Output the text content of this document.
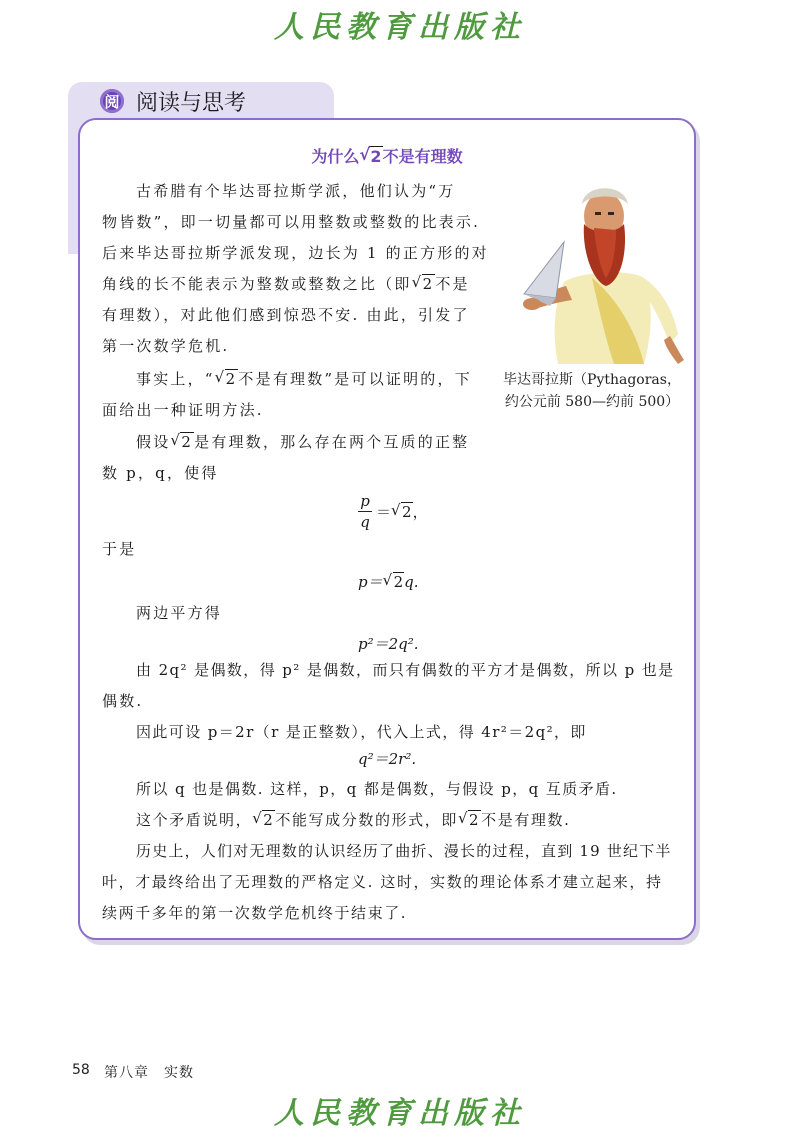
人民教育出版社
阅 阅读与思考
为什么 √ 2不是有理数
古希腊有个毕达哥拉斯学派，他们认为“万
物皆数”，即一切量都可以用整数或整数的比表示.
后来毕达哥拉斯学派发现，边长为 1 的正方形的对
角线的长不能表示为整数或整数之比（即 √ 2不是
有理数），对此他们感到惊恐不安. 由此，引发了
第一次数学危机.
事实上，“ √ 2不是有理数”是可以证明的，下
面给出一种证明方法.
假设 √ 2是有理数，那么存在两个互质的正整
数 p，q，使得
p
q
＝ √ 2，
于是
p＝ √ 2q.
两边平方得
p²＝2q².
由 2q² 是偶数，得 p² 是偶数，而只有偶数的平方才是偶数，所以 p 也是
偶数.
因此可设 p＝2r（r 是正整数），代入上式，得 4r²＝2q²，即
q²＝2r².
所以 q 也是偶数. 这样，p，q 都是偶数，与假设 p，q 互质矛盾.
这个矛盾说明， √ 2不能写成分数的形式，即 √ 2不是有理数.
历史上，人们对无理数的认识经历了曲折、漫长的过程，直到 19 世纪下半
叶，才最终给出了无理数的严格定义. 这时，实数的理论体系才建立起来，持
续两千多年的第一次数学危机终于结束了.
毕达哥拉斯（Pythagoras，
约公元前 580—约前 500）
58 第八章　实数
人民教育出版社
